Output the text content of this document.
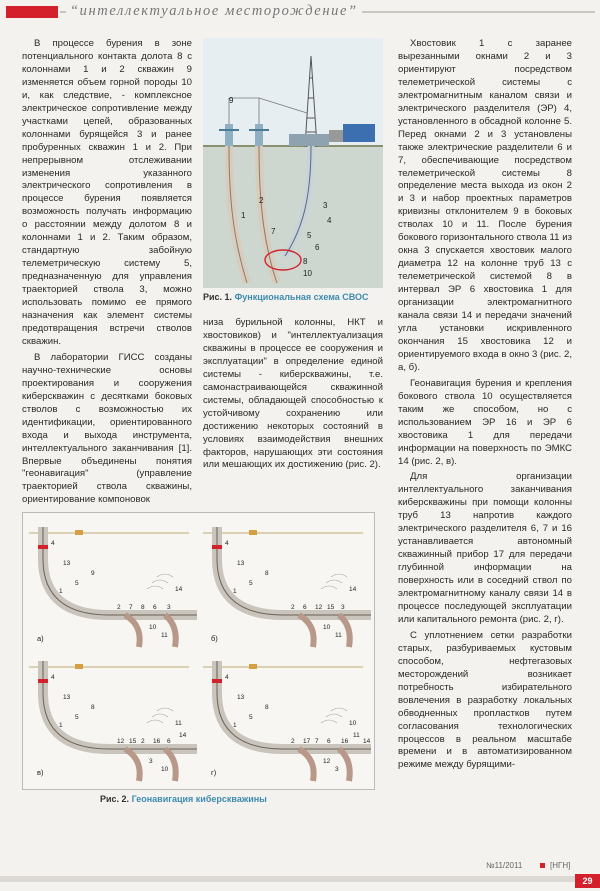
“интеллектуальное месторождение”

В процессе бурения в зоне потенциального контакта долота 8 с колоннами 1 и 2 скважин 9 изменяется объем горной породы 10 и, как следствие, - комплексное электрическое сопротивление между участками цепей, образованных колоннами бурящейся 3 и ранее пробуренных скважин 1 и 2. При непрерывном отслеживании изменения указанного электрического сопротивления в процессе бурения появляется возможность получать информацию о расстоянии между долотом 8 и колоннами 1 и 2. Таким образом, стандартную забойную телеметрическую систему 5, предназначенную для управления траекторией ствола 3, можно использовать помимо ее прямого назначения как элемент системы предотвращения встречи стволов скважин.

В лаборатории ГИСС созданы научно-технические основы проектирования и сооружения киберскважин с десятками боковых стволов с возможностью их идентификации, ориентированного входа и выхода инструмента, интеллектуального заканчивания [1]. Впервые объединены понятия "геонавигация" (управление траекторией ствола скважины, ориентирование компоновок

9
1
2
3
4
5
6
7
8
10
Рис. 1. Функциональная схема СВОС

низа бурильной колонны, НКТ и хвостовиков) и "интеллектуализация скважины в процессе ее сооружения и эксплуатации" в определение единой системы - киберскважины, т.е. самонастраивающейся скважинной системы, обладающей способностью к устойчивому сохранению или достижению некоторых состояний в условиях взаимодействия внешних факторов, нарушающих эти состояния или мешающих их достижению (рис. 2).

Хвостовик 1 с заранее вырезанными окнами 2 и 3 ориентируют посредством телеметрической системы с электромагнитным каналом связи и электрического разделителя (ЭР) 4, установленного в обсадной колонне 5. Перед окнами 2 и 3 установлены также электрические разделители 6 и 7, обеспечивающие посредством телеметрической системы 8 определение места выхода из окон 2 и 3 и набор проектных параметров кривизны отклонителем 9 в боковых стволах 10 и 11. После бурения бокового горизонтального ствола 11 из окна 3 спускается хвостовик малого диаметра 12 на колонне труб 13 с телеметрической системой 8 в интервал ЭР 6 хвостовика 1 для организации электромагнитного канала связи 14 и передачи значений угла установки искривленного окончания 15 хвостовика 12 и ориентируемого входа в окно 3 (рис. 2, а, б).

Геонавигация бурения и крепления бокового ствола 10 осуществляется таким же способом, но с использованием ЭР 16 и ЭР 6 хвостовика 1 для передачи информации на поверхность по ЭМКС 14 (рис. 2, в).

Для организации интеллектуального заканчивания киберскважины при помощи колонны труб 13 напротив каждого электрического разделителя 6, 7 и 16 устанавливается автономный скважинный прибор 17 для передачи глубинной информации на поверхность или в соседний ствол по электромагнитному каналу связи 14 в процессе последующей эксплуатации или капитального ремонта (рис. 2, г).

С уплотнением сетки разработки старых, разбуриваемых кустовым способом, нефтегазовых месторождений возникает потребность избирательного вовлечения в разработку локальных обводненных пропластков путем согласования технологических процессов в реальном масштабе времени и в автоматизированном режиме между бурящими-

а)
4
13
1
5
9
2 7 8 6 3
10
11
14
б)
4
13
1
5
8
2 6 12 15 3
10
11
14
в)
4
13
1
5
8
12 15 2 16 6
3
10
11
14
г)
4
13
1
5
8
2 17 7 6 16
12
3
10
11
14
Рис. 2. Геонавигация киберскважины
№11/2011	[НГН]
29
